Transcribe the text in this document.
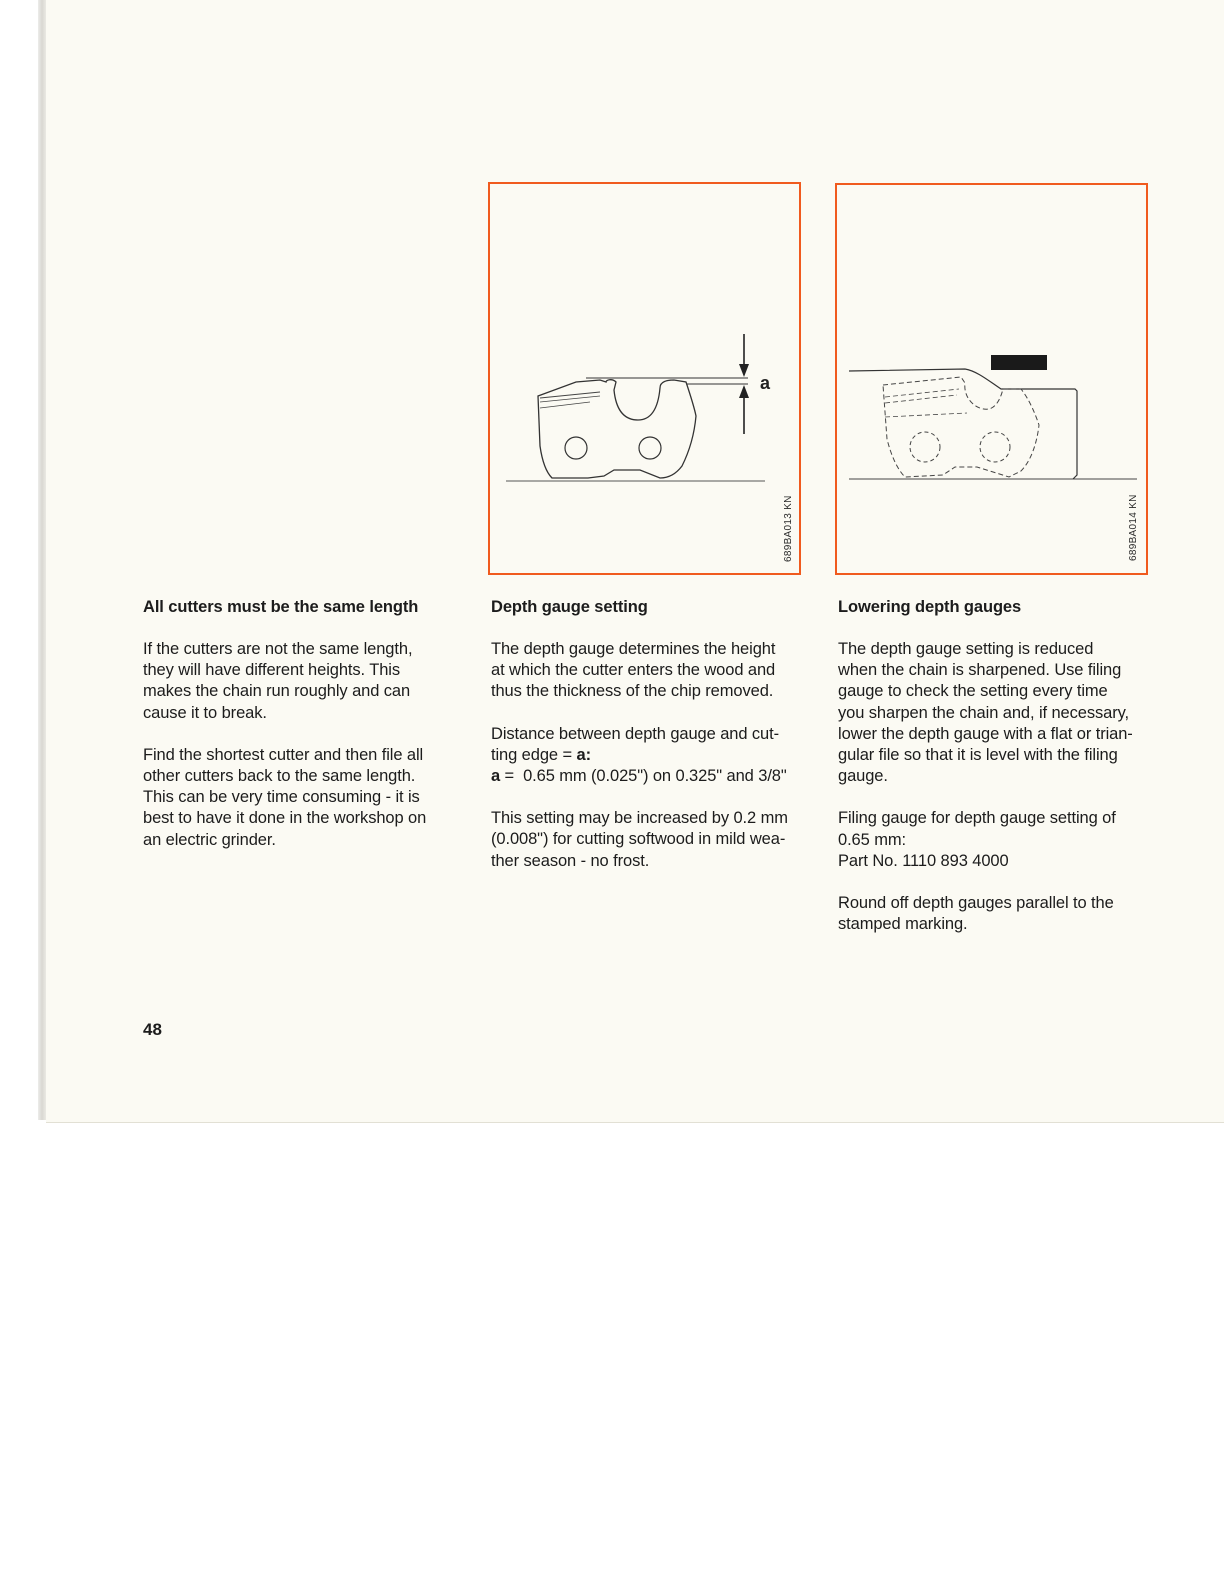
a
689BA013 KN	689BA014 KN
All cutters must be the same length
If the cutters are not the same length,
they will have different heights. This
makes the chain run roughly and can
cause it to break.
Find the shortest cutter and then file all
other cutters back to the same length.
This can be very time consuming - it is
best to have it done in the workshop on
an electric grinder.
Depth gauge setting
The depth gauge determines the height
at which the cutter enters the wood and
thus the thickness of the chip removed.
Distance between depth gauge and cut-
ting edge = a:
a =  0.65 mm (0.025") on 0.325" and 3/8"
This setting may be increased by 0.2 mm
(0.008") for cutting softwood in mild wea-
ther season - no frost.
Lowering depth gauges
The depth gauge setting is reduced
when the chain is sharpened. Use filing
gauge to check the setting every time
you sharpen the chain and, if necessary,
lower the depth gauge with a flat or trian-
gular file so that it is level with the filing
gauge.
Filing gauge for depth gauge setting of
0.65 mm:
Part No. 1110 893 4000
Round off depth gauges parallel to the
stamped marking.
48
